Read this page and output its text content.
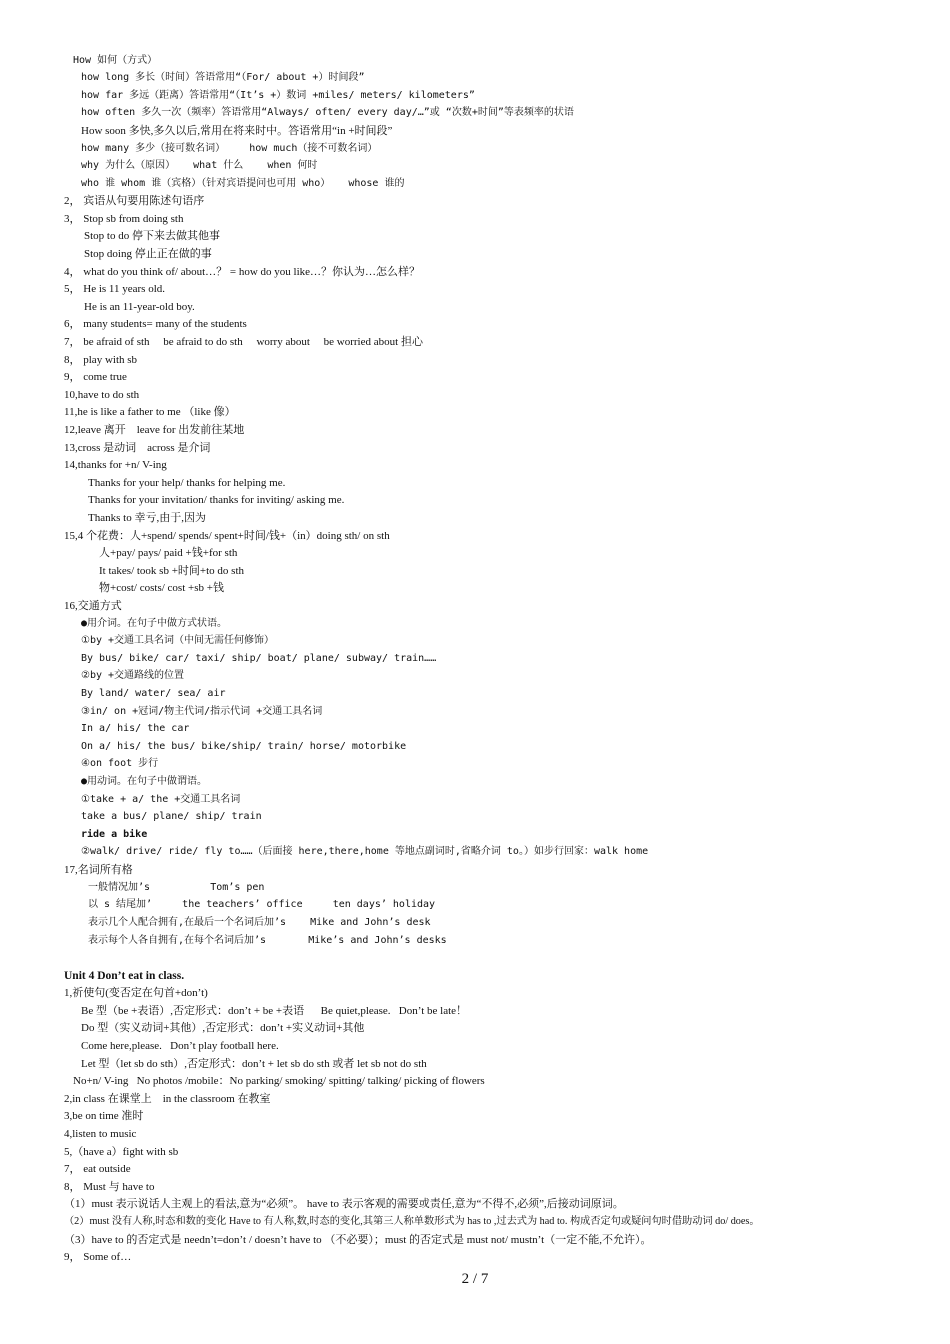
How 如何（方式）
how long 多长（时间）答语常用“（For/ about +）时间段”
how far 多远（距离）答语常用“（It’s +）数词 +miles/ meters/ kilometers”
how often 多久一次（频率）答语常用“Always/ often/ every day/…”或 “次数+时间”等表频率的状语
How soon 多快,多久以后,常用在将来时中。答语常用“in +时间段”
how many 多少（接可数名词）    how much（接不可数名词）
why 为什么（原因）   what 什么    when 何时
who 谁 whom 谁（宾格）（针对宾语提问也可用 who）   whose 谁的
2， 宾语从句要用陈述句语序
3， Stop sb from doing sth
Stop to do 停下来去做其他事
Stop doing 停止正在做的事
4， what do you think of/ about…？ = how do you like…？你认为…怎么样？
5， He is 11 years old.
He is an 11-year-old boy.
6， many students= many of the students
7， be afraid of sth     be afraid to do sth     worry about     be worried about 担心
8， play with sb
9， come true
10,have to do sth
11,he is like a father to me （like 像）
12,leave 离开    leave for 出发前往某地
13,cross 是动词    across 是介词
14,thanks for +n/ V-ing
Thanks for your help/ thanks for helping me.
Thanks for your invitation/ thanks for inviting/ asking me.
Thanks to 幸亏,由于,因为
15,4 个花费：人+spend/ spends/ spent+时间/钱+（in）doing sth/ on sth
人+pay/ pays/ paid +钱+for sth
It takes/ took sb +时间+to do sth
物+cost/ costs/ cost +sb +钱
16,交通方式
●用介词。在句子中做方式状语。
①by +交通工具名词（中间无需任何修饰）
By bus/ bike/ car/ taxi/ ship/ boat/ plane/ subway/ train……
②by +交通路线的位置
By land/ water/ sea/ air
③in/ on +冠词/物主代词/指示代词 +交通工具名词
In a/ his/ the car
On a/ his/ the bus/ bike/ship/ train/ horse/ motorbike
④on foot 步行
●用动词。在句子中做谓语。
①take + a/ the +交通工具名词
take a bus/ plane/ ship/ train
ride a bike
②walk/ drive/ ride/ fly to……（后面接 here,there,home 等地点副词时,省略介词 to。）如步行回家：walk home
17,名词所有格
一般情况加’s          Tom’s pen
以 s 结尾加’     the teachers’ office     ten days’ holiday
表示几个人配合拥有,在最后一个名词后加’s    Mike and John’s desk
表示每个人各自拥有,在每个名词后加’s       Mike’s and John’s desks
Unit 4 Don’t eat in class.
1,祈使句(变否定在句首+don’t)
Be 型（be +表语）,否定形式：don’t + be +表语      Be quiet,please.   Don’t be late！
Do 型（实义动词+其他）,否定形式：don’t +实义动词+其他
Come here,please.   Don’t play football here.
Let 型（let sb do sth）,否定形式：don’t + let sb do sth 或者 let sb not do sth
No+n/ V-ing   No photos /mobile：No parking/ smoking/ spitting/ talking/ picking of flowers
2,in class 在课堂上    in the classroom 在教室
3,be on time 准时
4,listen to music
5,（have a）fight with sb
7， eat outside
8， Must 与 have to
（1）must 表示说话人主观上的看法,意为“必须”。 have to 表示客观的需要或责任,意为“不得不,必须”,后接动词原词。
（2）must 没有人称,时态和数的变化 Have to 有人称,数,时态的变化,其第三人称单数形式为 has to ,过去式为 had to. 构成否定句或疑问句时借助动词 do/ does。
（3）have to 的否定式是 needn’t=don’t / doesn’t have to （不必要）；must 的否定式是 must not/ mustn’t（一定不能,不允许）。
9， Some of…
2 / 7
